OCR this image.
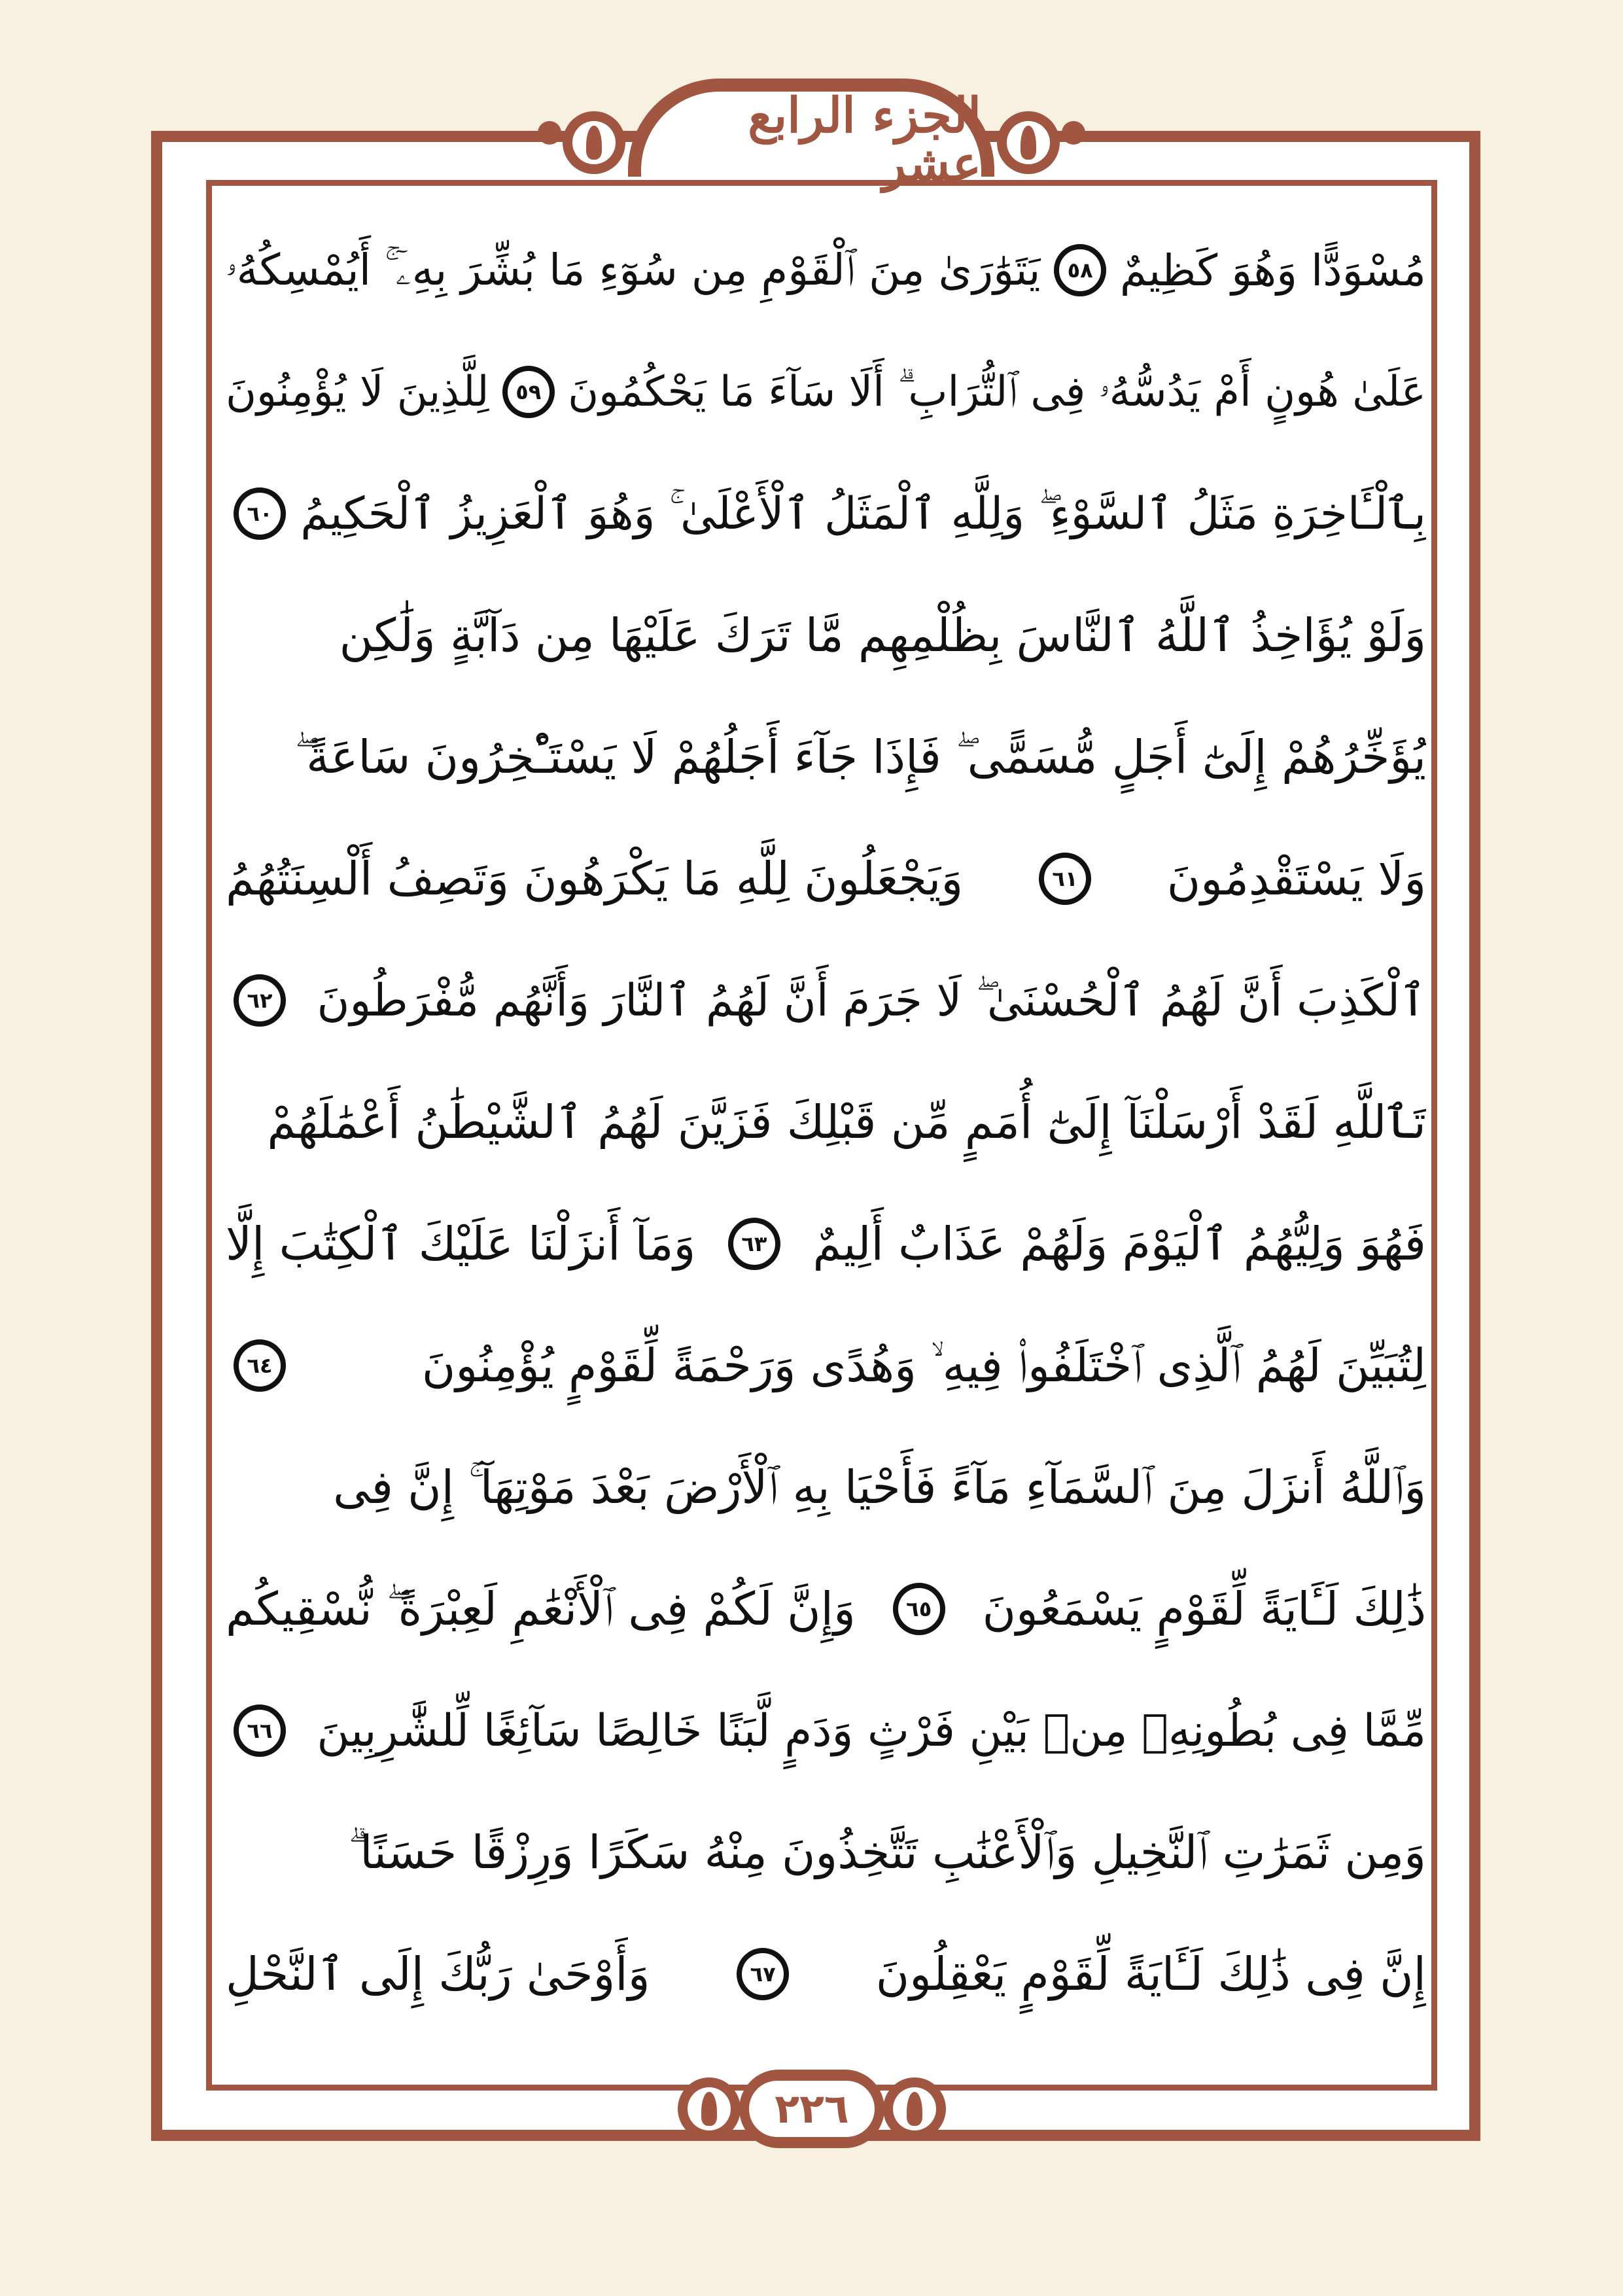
الجزء الرابع عشر
مُسْوَدًّا وَهُوَ كَظِيمٌ
٥٨
يَتَوَٰرَىٰ مِنَ ٱلْقَوْمِ مِن سُوٓءِ مَا بُشِّرَ بِهِۦٓ ۚ أَيُمْسِكُهُۥ
عَلَىٰ هُونٍ أَمْ يَدُسُّهُۥ فِى ٱلتُّرَابِ ۗ أَلَا سَآءَ مَا يَحْكُمُونَ
٥٩
لِلَّذِينَ لَا يُؤْمِنُونَ
بِٱلْـَٔاخِرَةِ مَثَلُ ٱلسَّوْءِ ۖ وَلِلَّهِ ٱلْمَثَلُ ٱلْأَعْلَىٰ ۚ وَهُوَ ٱلْعَزِيزُ ٱلْحَكِيمُ
٦٠
وَلَوْ يُؤَاخِذُ ٱللَّهُ ٱلنَّاسَ بِظُلْمِهِم مَّا تَرَكَ عَلَيْهَا مِن دَآبَّةٍ وَلَٰكِن
يُؤَخِّرُهُمْ إِلَىٰٓ أَجَلٍ مُّسَمًّى ۖ فَإِذَا جَآءَ أَجَلُهُمْ لَا يَسْتَـْٔخِرُونَ سَاعَةً ۖ
وَلَا يَسْتَقْدِمُونَ
٦١
وَيَجْعَلُونَ لِلَّهِ مَا يَكْرَهُونَ وَتَصِفُ أَلْسِنَتُهُمُ
ٱلْكَذِبَ أَنَّ لَهُمُ ٱلْحُسْنَىٰ ۖ لَا جَرَمَ أَنَّ لَهُمُ ٱلنَّارَ وَأَنَّهُم مُّفْرَطُونَ
٦٢
تَٱللَّهِ لَقَدْ أَرْسَلْنَآ إِلَىٰٓ أُمَمٍ مِّن قَبْلِكَ فَزَيَّنَ لَهُمُ ٱلشَّيْطَٰنُ أَعْمَٰلَهُمْ
فَهُوَ وَلِيُّهُمُ ٱلْيَوْمَ وَلَهُمْ عَذَابٌ أَلِيمٌ
٦٣
وَمَآ أَنزَلْنَا عَلَيْكَ ٱلْكِتَٰبَ إِلَّا
لِتُبَيِّنَ لَهُمُ ٱلَّذِى ٱخْتَلَفُوا۟ فِيهِ ۙ وَهُدًى وَرَحْمَةً لِّقَوْمٍ يُؤْمِنُونَ
٦٤
وَٱللَّهُ أَنزَلَ مِنَ ٱلسَّمَآءِ مَآءً فَأَحْيَا بِهِ ٱلْأَرْضَ بَعْدَ مَوْتِهَآ ۚ إِنَّ فِى
ذَٰلِكَ لَـَٔايَةً لِّقَوْمٍ يَسْمَعُونَ
٦٥
وَإِنَّ لَكُمْ فِى ٱلْأَنْعَٰمِ لَعِبْرَةً ۖ نُّسْقِيكُم
مِّمَّا فِى بُطُونِهِۦ مِنۢ بَيْنِ فَرْثٍ وَدَمٍ لَّبَنًا خَالِصًا سَآئِغًا لِّلشَّٰرِبِينَ
٦٦
وَمِن ثَمَرَٰتِ ٱلنَّخِيلِ وَٱلْأَعْنَٰبِ تَتَّخِذُونَ مِنْهُ سَكَرًا وَرِزْقًا حَسَنًا ۗ
إِنَّ فِى ذَٰلِكَ لَـَٔايَةً لِّقَوْمٍ يَعْقِلُونَ
٦٧
وَأَوْحَىٰ رَبُّكَ إِلَى ٱلنَّحْلِ
٢٢٦
